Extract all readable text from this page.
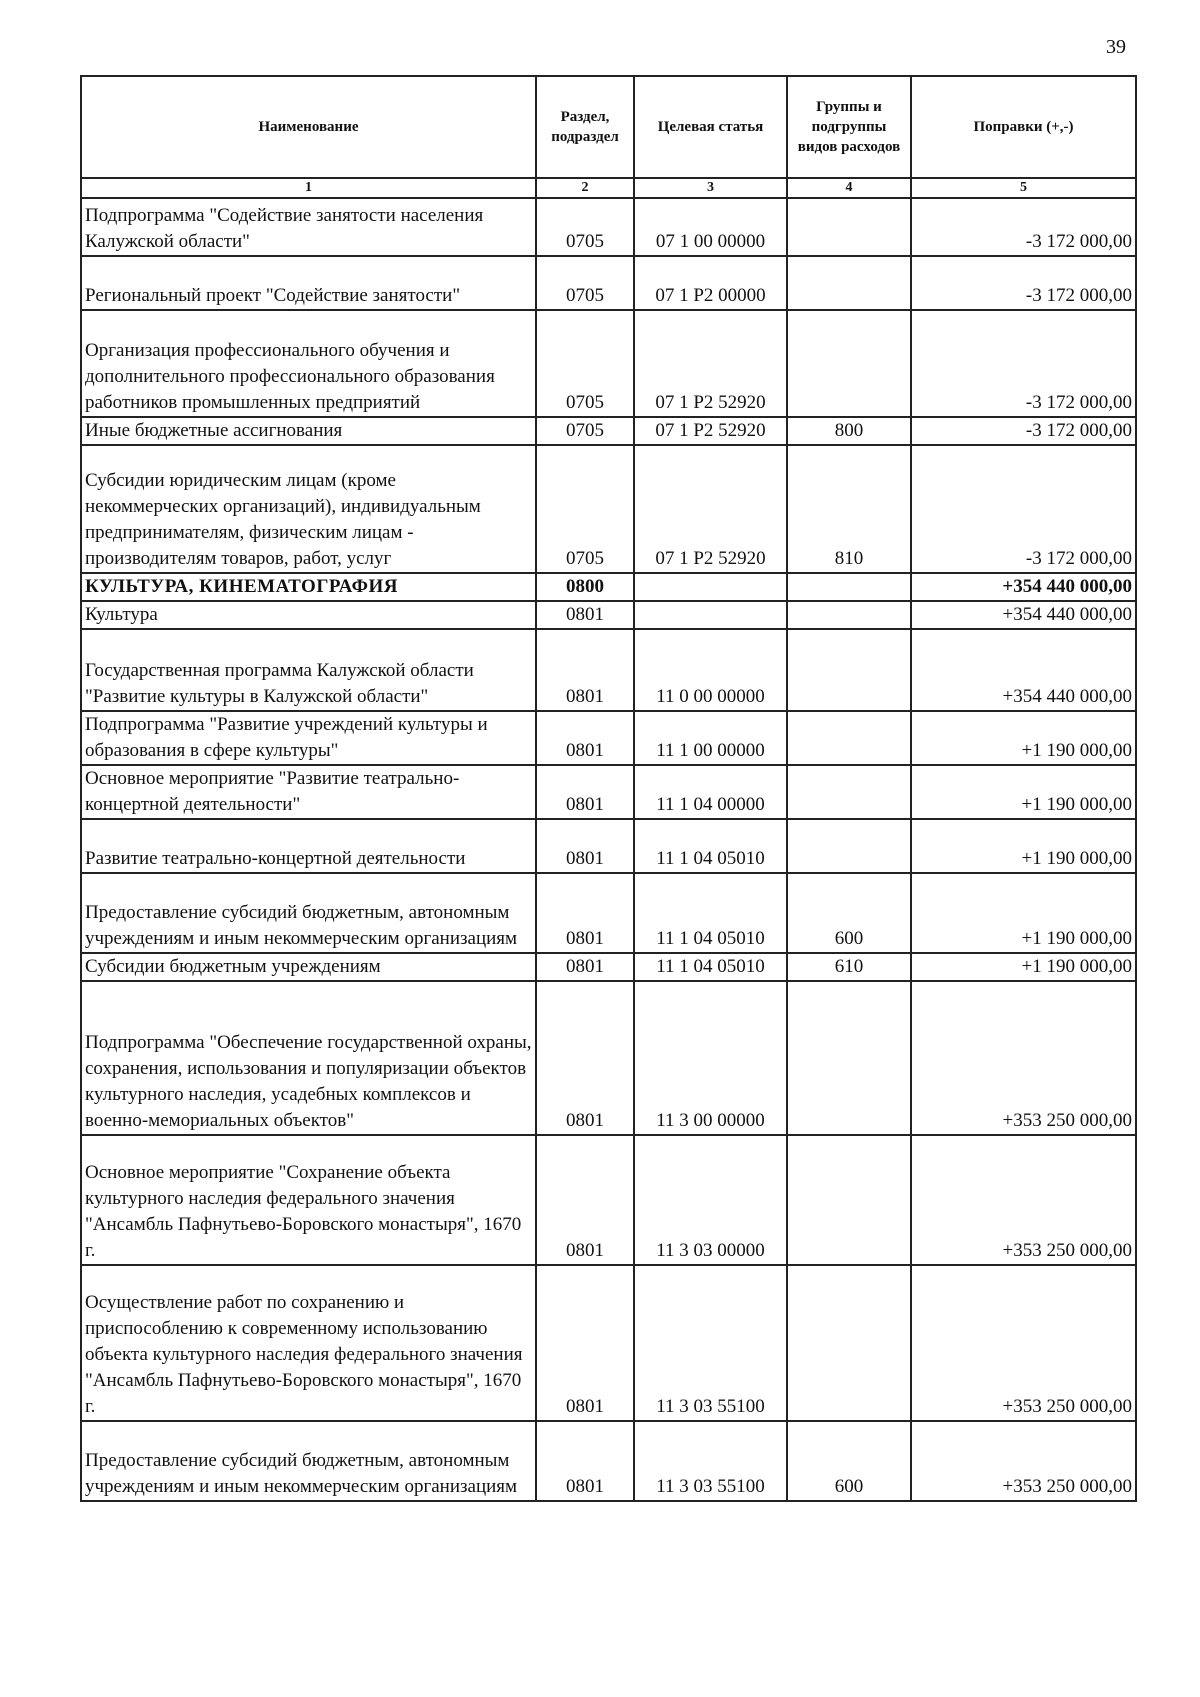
39
Наименование	Раздел, подраздел	Целевая статья	Группы и подгруппы видов расходов	Поправки (+,-)
1	2	3	4	5
Подпрограмма "Содействие занятости населения Калужской области"	0705	07 1 00 00000		-3 172 000,00
Региональный проект "Содействие занятости"	0705	07 1 P2 00000		-3 172 000,00
Организация профессионального обучения и дополнительного профессионального образования работников промышленных предприятий	0705	07 1 P2 52920		-3 172 000,00
Иные бюджетные ассигнования	0705	07 1 P2 52920	800	-3 172 000,00
Субсидии юридическим лицам (кроме некоммерческих организаций), индивидуальным предпринимателям, физическим лицам - производителям товаров, работ, услуг	0705	07 1 P2 52920	810	-3 172 000,00
КУЛЬТУРА, КИНЕМАТОГРАФИЯ	0800			+354 440 000,00
Культура	0801			+354 440 000,00
Государственная программа Калужской области "Развитие культуры в Калужской области"	0801	11 0 00 00000		+354 440 000,00
Подпрограмма "Развитие учреждений культуры и образования в сфере культуры"	0801	11 1 00 00000		+1 190 000,00
Основное мероприятие "Развитие театрально-концертной деятельности"	0801	11 1 04 00000		+1 190 000,00
Развитие театрально-концертной деятельности	0801	11 1 04 05010		+1 190 000,00
Предоставление субсидий бюджетным, автономным учреждениям и иным некоммерческим организациям	0801	11 1 04 05010	600	+1 190 000,00
Субсидии бюджетным учреждениям	0801	11 1 04 05010	610	+1 190 000,00
Подпрограмма "Обеспечение государственной охраны, сохранения, использования и популяризации объектов культурного наследия, усадебных комплексов и военно-мемориальных объектов"	0801	11 3 00 00000		+353 250 000,00
Основное мероприятие "Сохранение объекта культурного наследия федерального значения "Ансамбль Пафнутьево-Боровского монастыря", 1670 г.	0801	11 3 03 00000		+353 250 000,00
Осуществление работ по сохранению и приспособлению к современному использованию объекта культурного наследия федерального значения "Ансамбль Пафнутьево-Боровского монастыря", 1670 г.	0801	11 3 03 55100		+353 250 000,00
Предоставление субсидий бюджетным, автономным учреждениям и иным некоммерческим организациям	0801	11 3 03 55100	600	+353 250 000,00
